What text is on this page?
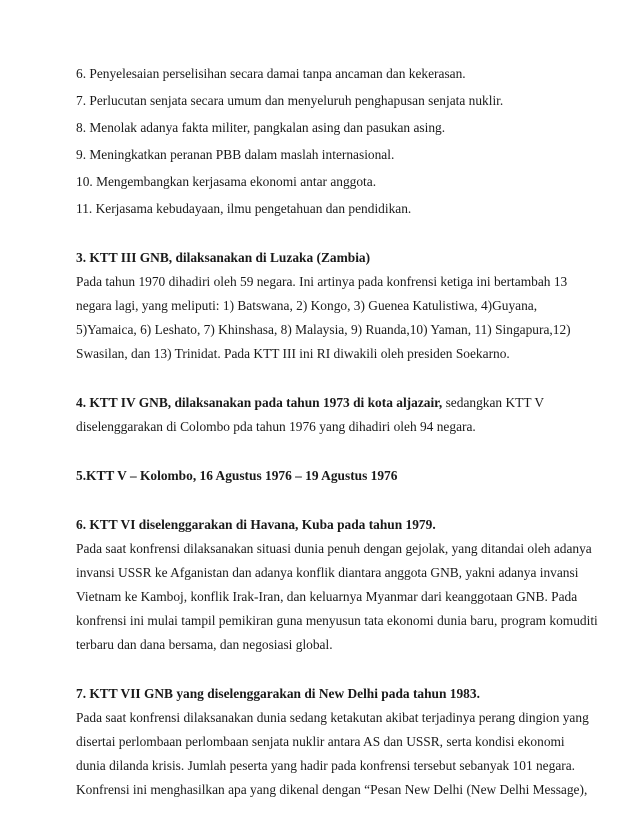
6. Penyelesaian perselisihan secara damai tanpa ancaman dan kekerasan.

7. Perlucutan senjata secara umum dan menyeluruh penghapusan senjata nuklir.

8. Menolak adanya fakta militer, pangkalan asing dan pasukan asing.

9. Meningkatkan peranan PBB dalam maslah internasional.

10. Mengembangkan kerjasama ekonomi antar anggota.

11. Kerjasama kebudayaan, ilmu pengetahuan dan pendidikan.

3. KTT III GNB, dilaksanakan di Luzaka (Zambia)

Pada tahun 1970 dihadiri oleh 59 negara. Ini artinya pada konfrensi ketiga ini bertambah 13

negara lagi, yang meliputi: 1) Batswana, 2) Kongo, 3) Guenea Katulistiwa, 4)Guyana,

5)Yamaica, 6) Leshato, 7) Khinshasa, 8) Malaysia, 9) Ruanda,10) Yaman, 11) Singapura,12)

Swasilan, dan 13) Trinidat. Pada KTT III ini RI diwakili oleh presiden Soekarno.

4. KTT IV GNB, dilaksanakan pada tahun 1973 di kota aljazair, sedangkan KTT V

diselenggarakan di Colombo pda tahun 1976 yang dihadiri oleh 94 negara.

5.KTT V – Kolombo, 16 Agustus 1976 – 19 Agustus 1976

6. KTT VI diselenggarakan di Havana, Kuba pada tahun 1979.

Pada saat konfrensi dilaksanakan situasi dunia penuh dengan gejolak, yang ditandai oleh adanya

invansi USSR ke Afganistan dan adanya konflik diantara anggota GNB, yakni adanya invansi

Vietnam ke Kamboj, konflik Irak-Iran, dan keluarnya Myanmar dari keanggotaan GNB. Pada

konfrensi ini mulai tampil pemikiran guna menyusun tata ekonomi dunia baru, program komuditi

terbaru dan dana bersama, dan negosiasi global.

7. KTT VII GNB yang diselenggarakan di New Delhi pada tahun 1983.

Pada saat konfrensi dilaksanakan dunia sedang ketakutan akibat terjadinya perang dingion yang

disertai perlombaan perlombaan senjata nuklir antara AS dan USSR, serta kondisi ekonomi

dunia dilanda krisis. Jumlah peserta yang hadir pada konfrensi tersebut sebanyak 101 negara.

Konfrensi ini menghasilkan apa yang dikenal dengan “Pesan New Delhi (New Delhi Message),
